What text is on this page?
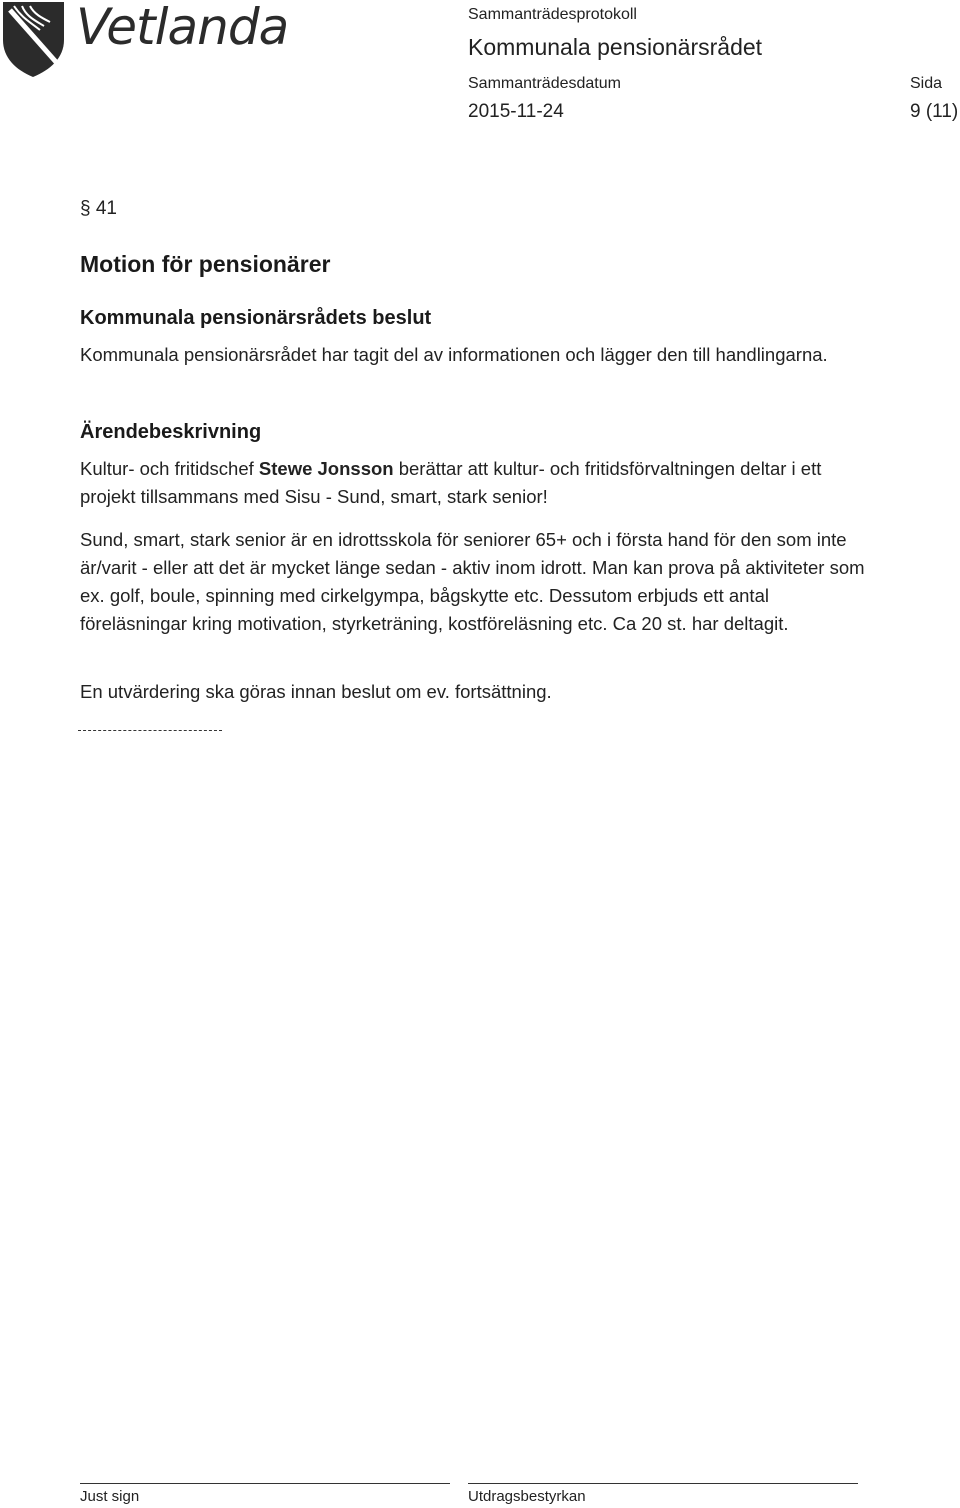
Vetlanda	Sammanträdesprotokoll
Kommunala pensionärsrådet
Sammanträdesdatum
2015-11-24
Sida
9 (11)
§ 41
Motion för pensionärer
Kommunala pensionärsrådets beslut
Kommunala pensionärsrådet har tagit del av informationen och lägger den till handlingarna.
Ärendebeskrivning
Kultur- och fritidschef Stewe Jonsson berättar att kultur- och fritidsförvaltningen deltar i ett projekt tillsammans med Sisu - Sund, smart, stark senior!
Sund, smart, stark senior är en idrottsskola för seniorer 65+ och i första hand för den som inte är/varit - eller att det är mycket länge sedan - aktiv inom idrott. Man kan prova på aktiviteter som ex. golf, boule, spinning med cirkelgympa, bågskytte etc. Dessutom erbjuds ett antal föreläsningar kring motivation, styrketräning, kostföreläsning etc. Ca 20 st. har deltagit.
En utvärdering ska göras innan beslut om ev. fortsättning.
Just sign	Utdragsbestyrkan
